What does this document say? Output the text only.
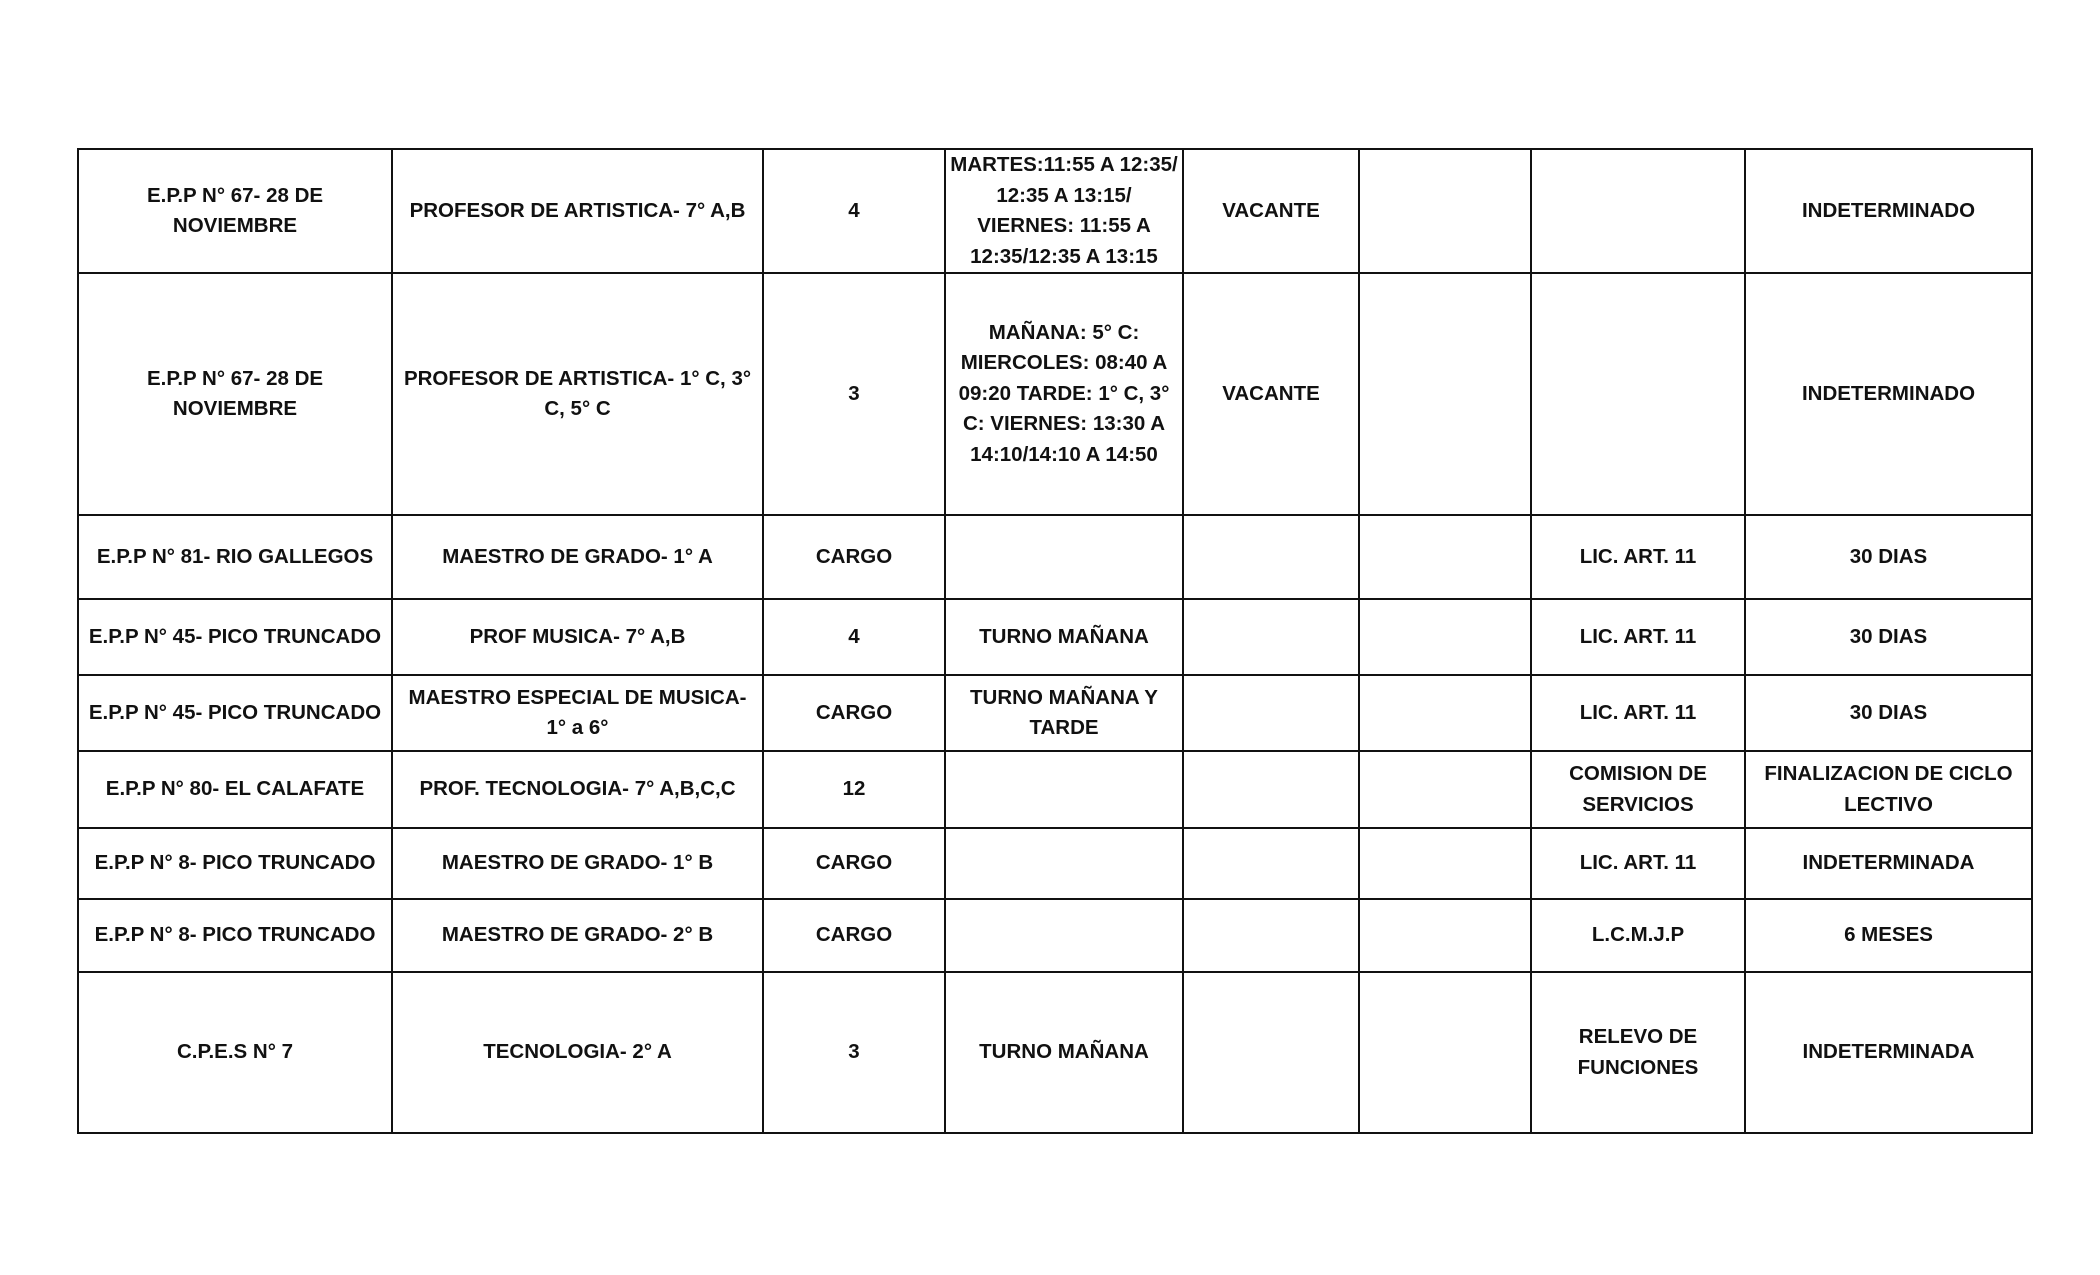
E.P.P N° 67- 28 DE NOVIEMBRE	PROFESOR DE ARTISTICA- 7° A,B	4	MARTES:11:55 A 12:35/ 12:35 A 13:15/ VIERNES: 11:55 A 12:35/12:35 A 13:15	VACANTE			INDETERMINADO

E.P.P N° 67- 28 DE NOVIEMBRE	PROFESOR DE ARTISTICA- 1° C, 3° C, 5° C	3	MAÑANA: 5° C: MIERCOLES: 08:40 A 09:20 TARDE: 1° C, 3° C: VIERNES: 13:30 A 14:10/14:10 A 14:50	VACANTE			INDETERMINADO

E.P.P N° 81- RIO GALLEGOS	MAESTRO DE GRADO- 1° A	CARGO				LIC. ART. 11	30 DIAS

E.P.P N° 45- PICO TRUNCADO	PROF MUSICA- 7° A,B	4	TURNO MAÑANA			LIC. ART. 11	30 DIAS

E.P.P N° 45- PICO TRUNCADO	MAESTRO ESPECIAL DE MUSICA- 1° a 6°	CARGO	TURNO MAÑANA Y TARDE			LIC. ART. 11	30 DIAS

E.P.P N° 80- EL CALAFATE	PROF. TECNOLOGIA- 7° A,B,C,C	12				COMISION DE SERVICIOS	FINALIZACION DE CICLO LECTIVO

E.P.P N° 8- PICO TRUNCADO	MAESTRO DE GRADO- 1° B	CARGO				LIC. ART. 11	INDETERMINADA

E.P.P N° 8- PICO TRUNCADO	MAESTRO DE GRADO- 2° B	CARGO				L.C.M.J.P	6 MESES

C.P.E.S N° 7	TECNOLOGIA- 2° A	3	TURNO MAÑANA			RELEVO DE FUNCIONES	INDETERMINADA
